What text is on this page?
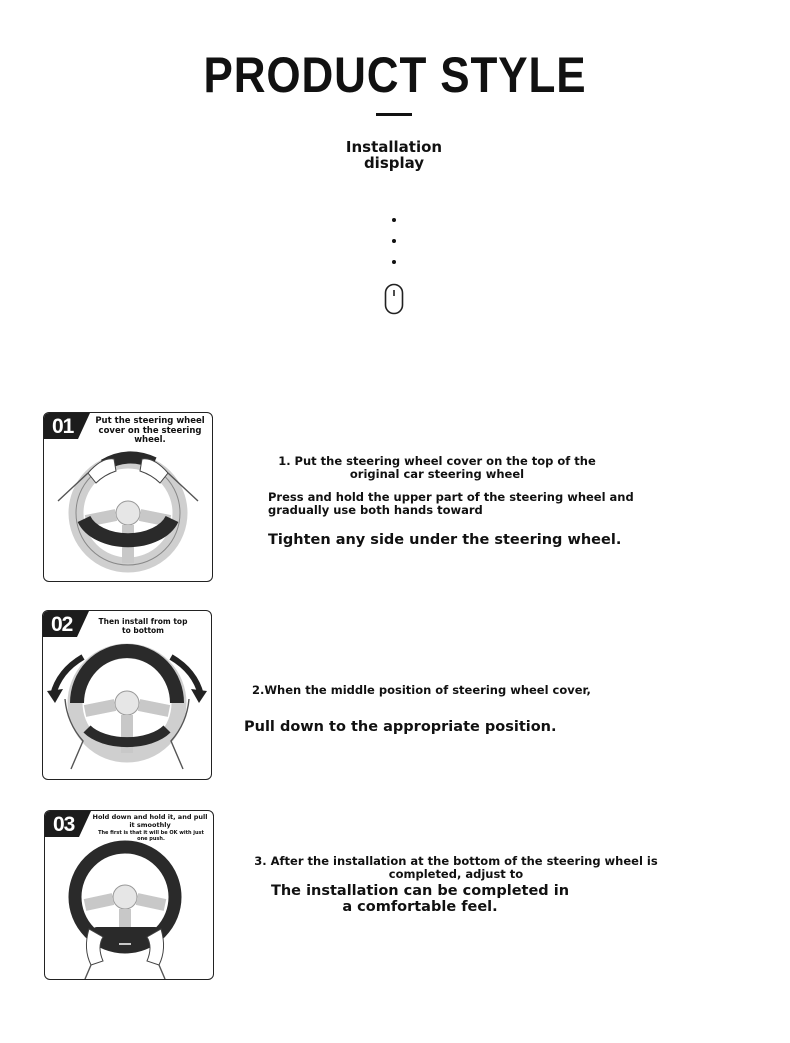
PRODUCT STYLE
Installation display
01	Put the steering wheel cover on the steering wheel.
1. Put the steering wheel cover on the top of the original car steering wheel
Press and hold the upper part of the steering wheel and gradually use both hands toward
Tighten any side under the steering wheel.
02	Then install from top to bottom
2.When the middle position of steering wheel cover,
Pull down to the appropriate position.
03	Hold down and hold it, and pull it smoothly
The first is that it will be OK with just one push.
3. After the installation at the bottom of the steering wheel is completed, adjust to
The installation can be completed in a comfortable feel.
